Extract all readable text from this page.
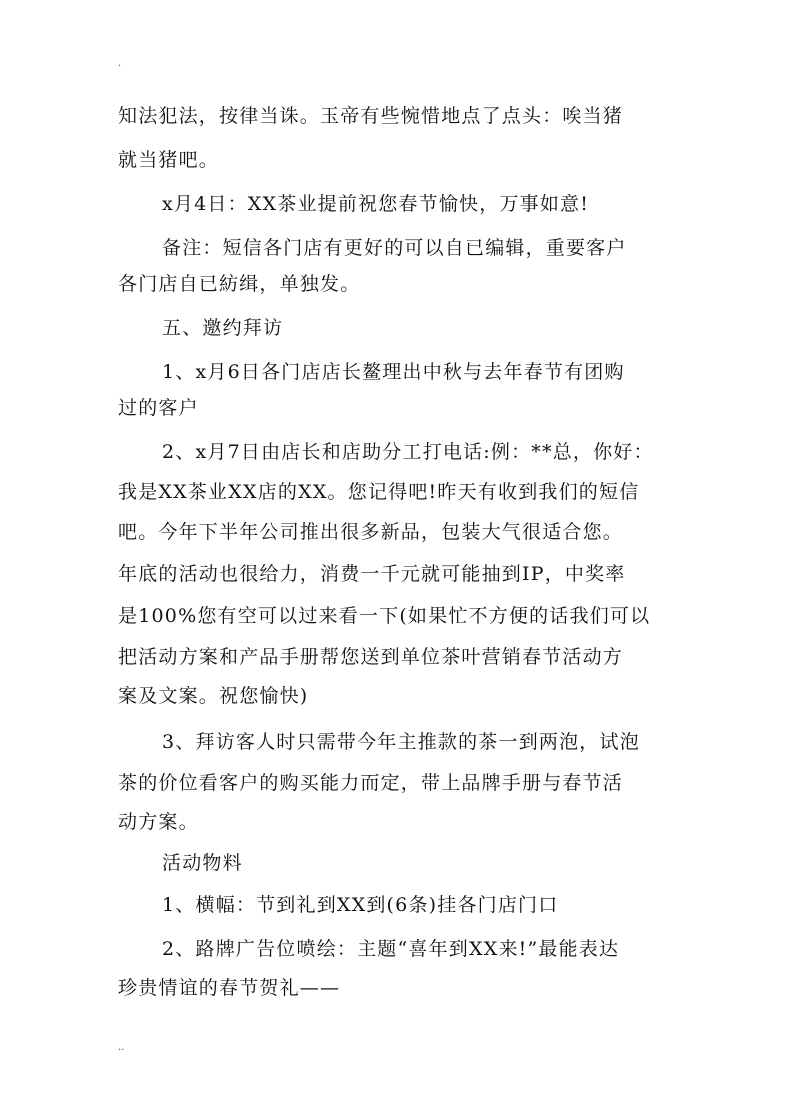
.
知法犯法，按律当诛。玉帝有些惋惜地点了点头：唉当猪
就当猪吧。
x月4日：XX茶业提前祝您春节愉快，万事如意!
备注：短信各门店有更好的可以自已编辑，重要客户
各门店自已紡缉，单独发。
五、邀约拜访
1、x月6日各门店店长鳌理出中秋与去年春节有团购
过的客户
2、x月7日由店长和店助分工打电话:例：**总，你好：
我是XX茶业XX店的XX。您记得吧!昨天有收到我们的短信
吧。今年下半年公司推出很多新品，包装大气很适合您。
年底的活动也很给力，消费一千元就可能抽到IP，中奖率
是100%您有空可以过来看一下(如果忙不方便的话我们可以
把活动方案和产品手册帮您送到单位茶叶营销春节活动方
案及文案。祝您愉快)
3、拜访客人时只需带今年主推款的茶一到两泡，试泡
茶的价位看客户的购买能力而定，带上品牌手册与春节活
动方案。
活动物料
1、横幅：节到礼到XX到(6条)挂各门店门口
2、路牌广告位喷绘：主题“喜年到XX来!”最能表达
珍贵情谊的春节贺礼——
..
